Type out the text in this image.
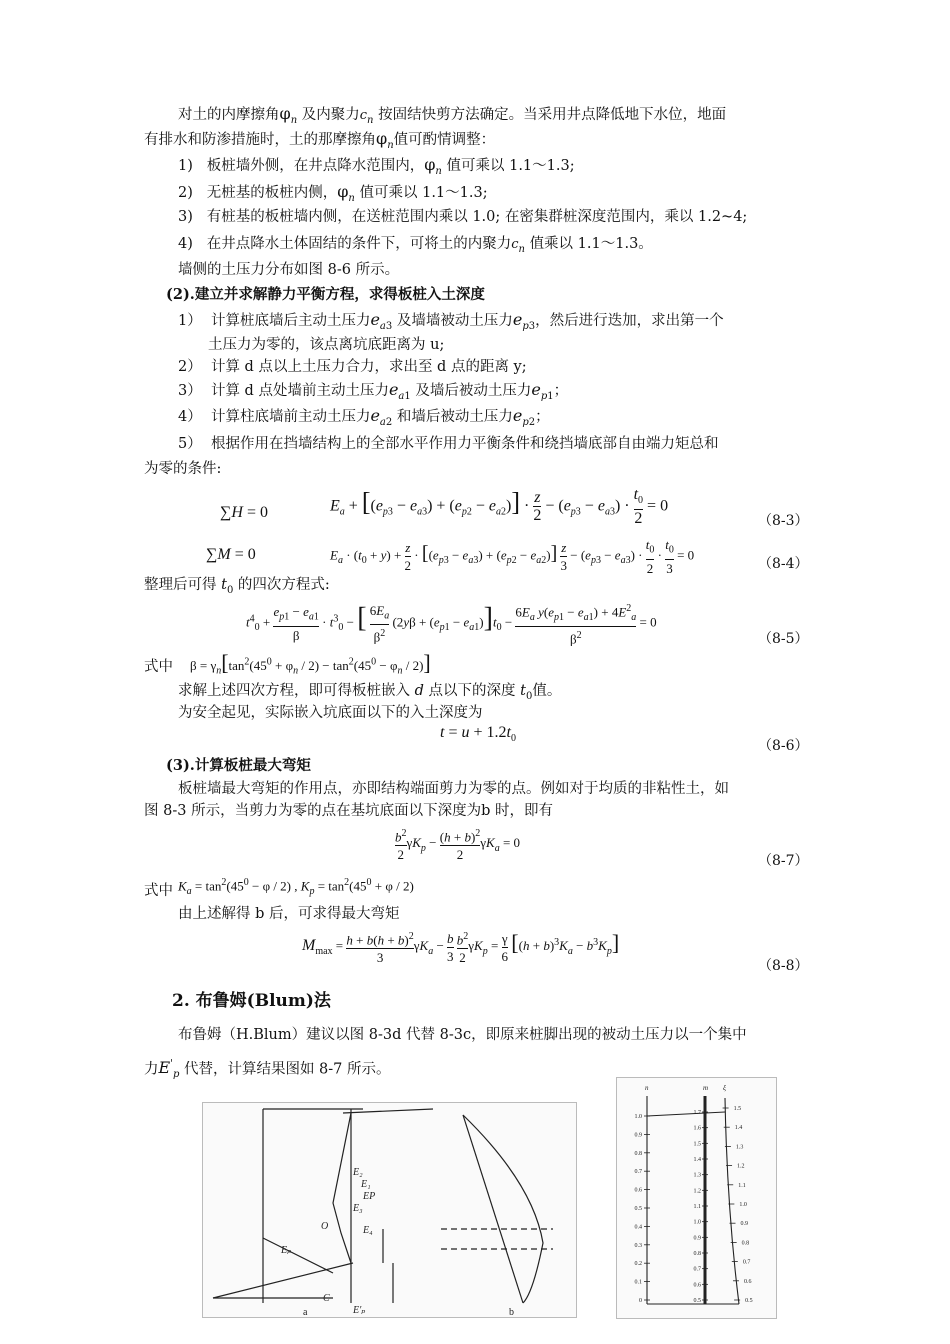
对土的内摩擦角$\varphi_n$ 及内聚力$c_n$ 按固结快剪方法确定。当采用井点降低地下水位，地面
有排水和防渗措施时，土的那摩擦角$\varphi_n$值可酌情调整：
1) 板桩墙外侧，在井点降水范围内，$\varphi_n$ 值可乘以 1.1～1.3;
2) 无桩基的板桩内侧，$\varphi_n$ 值可乘以 1.1～1.3;
3) 有桩基的板桩墙内侧，在送桩范围内乘以 1.0; 在密集群桩深度范围内，乘以 1.2~4;
4) 在井点降水土体固结的条件下，可将土的内聚力$c_n$ 值乘以 1.1～1.3。
墙侧的土压力分布如图 8-6 所示。
(2).建立并求解静力平衡方程，求得板桩入土深度
1） 计算桩底墙后主动土压力$e_{a3}$ 及墙墙被动土压力$e_{p3}$，然后进行迭加，求出第一个
土压力为零的，该点离坑底距离为 u;
2） 计算 d 点以上土压力合力，求出至 d 点的距离 y;
3） 计算 d 点处墙前主动土压力$e_{a1}$ 及墙后被动土压力$e_{p1}$；
4） 计算柱底墙前主动土压力$e_{a2}$ 和墙后被动土压力$e_{p2}$；
5） 根据作用在挡墙结构上的全部水平作用力平衡条件和绕挡墙底部自由端力矩总和
为零的条件:
∑H = 0	$E_a + [(e_{p3} - e_{a3}) + (e_{p2} - e_{a2})] \cdot \frac{z}{2} - (e_{p3} - e_{a3}) \cdot \frac{t_0}{2} = 0$
（8-3）
∑M = 0	$E_a \cdot (t_0 + y) + \frac{z}{2} \cdot [(e_{p3} - e_{a3}) + (e_{p2} - e_{a2})] \frac{z}{3} - (e_{p3} - e_{a3}) \cdot \frac{t_0}{2} \cdot \frac{t_0}{3} = 0$
（8-4）
整理后可得 $t_0$ 的四次方程式:
$t^4_0 + \frac{e_{p1} - e_{a1}}{\beta} \cdot t^3_0$ − [ $\frac{6E_a}{\beta^2} (2y\beta + (e_{p1} - e_{a1})]t_0 - \frac{6E_a y(e_{p1} - e_{a1}) + 4E^2_a}{\beta^2} = 0$
（8-5）
式中 $\beta = \gamma_n[\tan^2(45^0 + \varphi_n / 2) - \tan^2(45^0 - \varphi_n / 2)]$
求解上述四次方程，即可得板桩嵌入 d 点以下的深度 $t_0$值。
为安全起见，实际嵌入坑底面以下的入土深度为
$t = u + 1.2t_0$	（8-6）
(3).计算板桩最大弯矩
板桩墙最大弯矩的作用点，亦即结构端面剪力为零的点。例如对于均质的非粘性土，如
图 8-3 所示，当剪力为零的点在基坑底面以下深度为b 时，即有
$\frac{b^2}{2} \gamma K_p - \frac{(h + b)^2}{2} \gamma K_a = 0$
（8-7）
式中 $K_a = \tan^2(45^0 - \varphi / 2)$ , $K_p = \tan^2(45^0 + \varphi / 2)$
由上述解得 b 后，可求得最大弯矩
$M_{max} = \frac{h + b(h + b)^2}{3} \gamma K_a - \frac{b}{3}$
$\frac{b^2}{2} \gamma K_p = \frac{\gamma}{6} [(h + b)^3K_a - b^3K_p]$
（8-8）
2. 布鲁姆(Blum)法
布鲁姆（H.Blum）建议以图 8-3d 代替 8-3c，即原来桩脚出现的被动土压力以一个集中
力$E'_p$ 代替，计算结果图如 8-7 所示。
E₂
E₁
EP
E₃
E₄
O
Eₚ
C
E′ₚ
a	b
1.0
0.9
0.8
0.7
0.6
0.5
0.4
0.3
0.2
0.1
0
1.7
1.6
1.5
1.4
1.3
1.2
1.1
1.0
0.9
0.8
0.7
0.6
0.5
1.5
1.4
1.3
1.2
1.1
1.0
0.9
0.8
0.7
0.6
0.5
n	m ξ
